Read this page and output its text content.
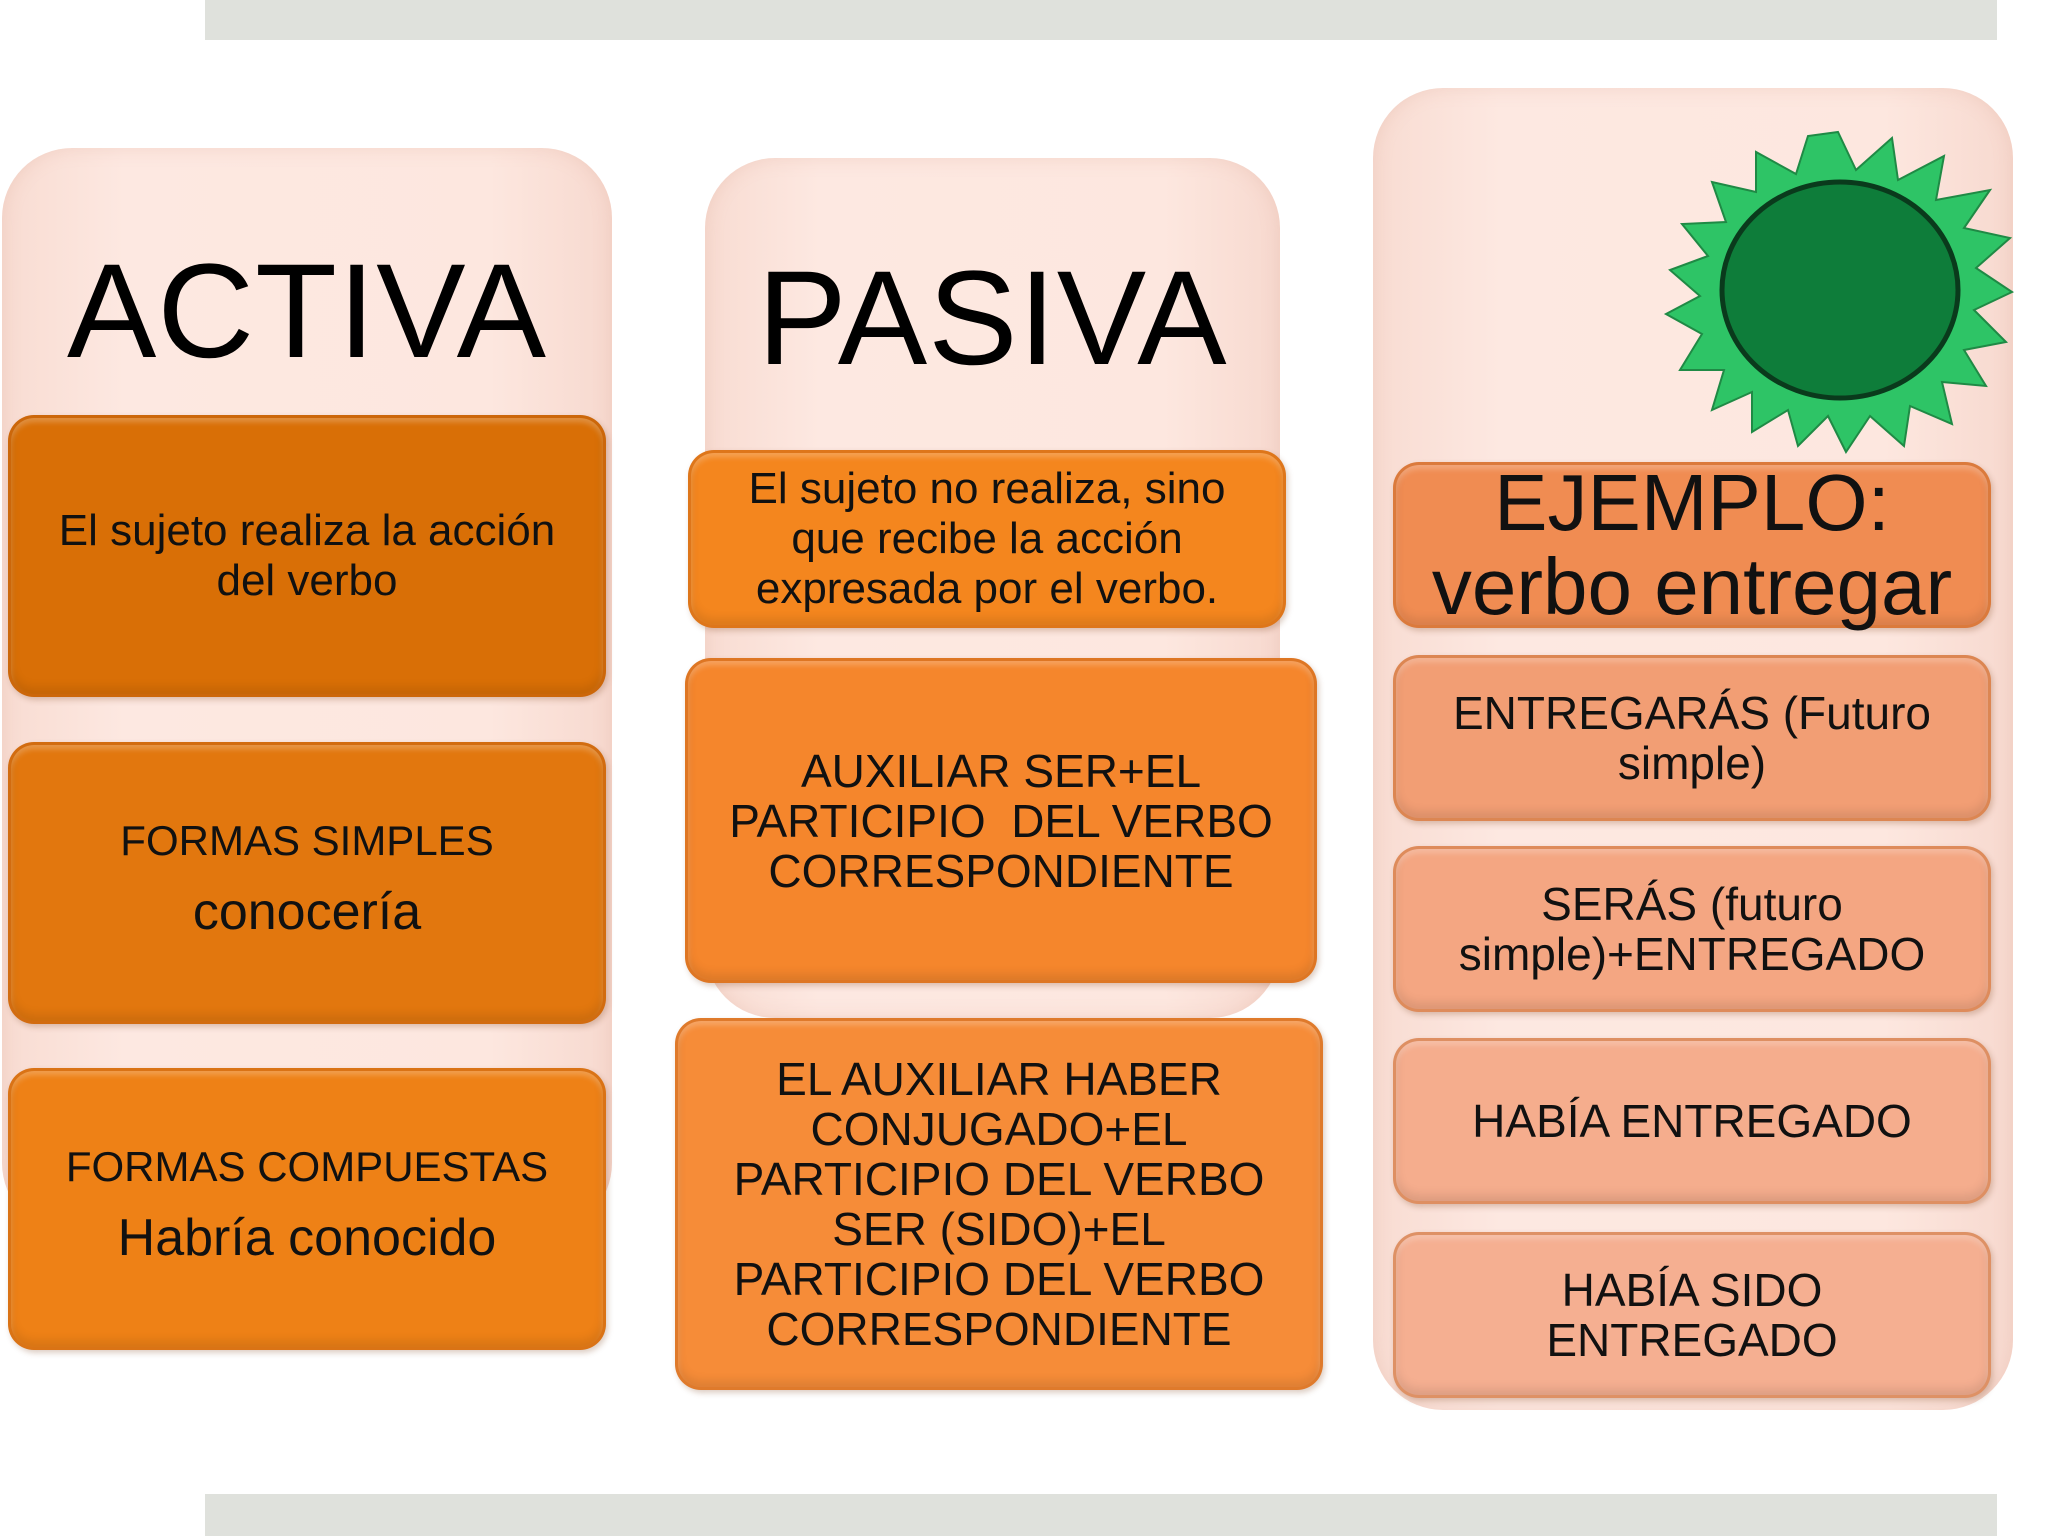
ACTIVA
El sujeto realiza la acción del verbo
FORMAS SIMPLES
conocería
FORMAS COMPUESTAS
Habría conocido
PASIVA
El sujeto no realiza, sino que recibe la acción expresada por el verbo.
AUXILIAR SER+EL PARTICIPIO  DEL VERBO CORRESPONDIENTE
EL AUXILIAR HABER CONJUGADO+EL PARTICIPIO DEL VERBO SER (SIDO)+EL PARTICIPIO DEL VERBO CORRESPONDIENTE
EJEMPLO:
verbo entregar
ENTREGARÁS (Futuro simple)
SERÁS (futuro simple)+ENTREGADO
HABÍA ENTREGADO
HABÍA SIDO ENTREGADO
